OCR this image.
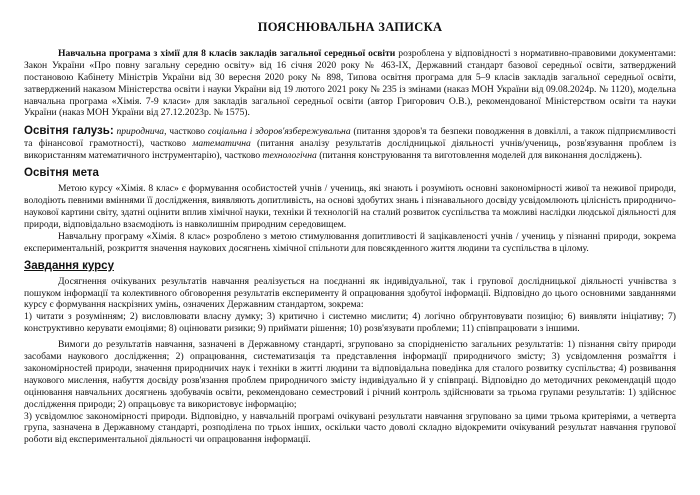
ПОЯСНЮВАЛЬНА ЗАПИСКА

Навчальна програма з хімії для 8 класів закладів загальної середньої освіти розроблена у відповідності з нормативно-правовими документами: Закон України «Про повну загальну середню освіту» від 16 січня 2020 року № 463-IX, Державний стандарт базової середньої освіти, затверджений постановою Кабінету Міністрів України від 30 вересня 2020 року № 898, Типова освітня програма для 5–9 класів закладів загальної середньої освіти, затверджений наказом Міністерства освіти і науки України від 19 лютого 2021 року № 235 із змінами (наказ МОН України від 09.08.2024р. № 1120), модельна навчальна програма «Хімія. 7-9 класи» для закладів загальної середньої освіти (автор Григорович О.В.), рекомендованої Міністерством освіти та науки України (наказ МОН України від 27.12.2023р. № 1575).

Освітня галузь: природнича, частково соціальна і здоров'язбережувальна (питання здоров'я та безпеки поводження в довкіллі, а також підприємливості та фінансової грамотності), частково математична (питання аналізу результатів дослідницької діяльності учнів/учениць, розв'язування проблем із використанням математичного інструментарію), частково технологічна (питання конструювання та виготовлення моделей для виконання досліджень).

Освітня мета

Метою курсу «Хімія. 8 клас» є формування особистостей учнів / учениць, які знають і розуміють основні закономірності живої та неживої природи, володіють певними вміннями її дослідження, виявляють допитливість, на основі здобутих знань і пізнавального досвіду усвідомлюють цілісність природничо-наукової картини світу, здатні оцінити вплив хімічної науки, техніки й технологій на сталий розвиток суспільства та можливі наслідки людської діяльності для природи, відповідально взаємодіють із навколишнім природним середовищем.

Навчальну програму «Хімія. 8 клас» розроблено з метою стимулювання допитливості й зацікавленості учнів / учениць у пізнанні природи, зокрема експериментальній, розкриття значення наукових досягнень хімічної спільноти для повсякденного життя людини та суспільства в цілому.

Завдання курсу

Досягнення очікуваних результатів навчання реалізується на поєднанні як індивідуальної, так і групової дослідницької діяльності учнівства з пошуком інформації та колективного обговорення результатів експерименту й опрацювання здобутої інформації. Відповідно до цього основними завданнями курсу є формування наскрізних умінь, означених Державним стандартом, зокрема:

1) читати з розумінням; 2) висловлювати власну думку; 3) критично і системно мислити; 4) логічно обґрунтовувати позицію; 6) виявляти ініціативу; 7) конструктивно керувати емоціями; 8) оцінювати ризики; 9) приймати рішення; 10) розв'язувати проблеми; 11) співпрацювати з іншими.

Вимоги до результатів навчання, зазначені в Державному стандарті, згруповано за спорідненістю загальних результатів: 1) пізнання світу природи засобами наукового дослідження; 2) опрацювання, систематизація та представлення інформації природничого змісту; 3) усвідомлення розмаїття і закономірностей природи, значення природничих наук і техніки в житті людини та відповідальна поведінка для сталого розвитку суспільства; 4) розвивання наукового мислення, набуття досвіду розв'язання проблем природничого змісту індивідуально й у співпраці. Відповідно до методичних рекомендацій щодо оцінювання навчальних досягнень здобувачів освіти, рекомендовано семестровий і річний контроль здійснювати за трьома групами результатів: 1) здійснює дослідження природи; 2) опрацьовує та використовує інформацію;

3) усвідомлює закономірності природи. Відповідно, у навчальній програмі очікувані результати навчання згруповано за цими трьома критеріями, а четверта група, зазначена в Державному стандарті, розподілена по трьох інших, оскільки часто доволі складно відокремити очікуваний результат навчання групової роботи від експериментальної діяльності чи опрацювання інформації.
